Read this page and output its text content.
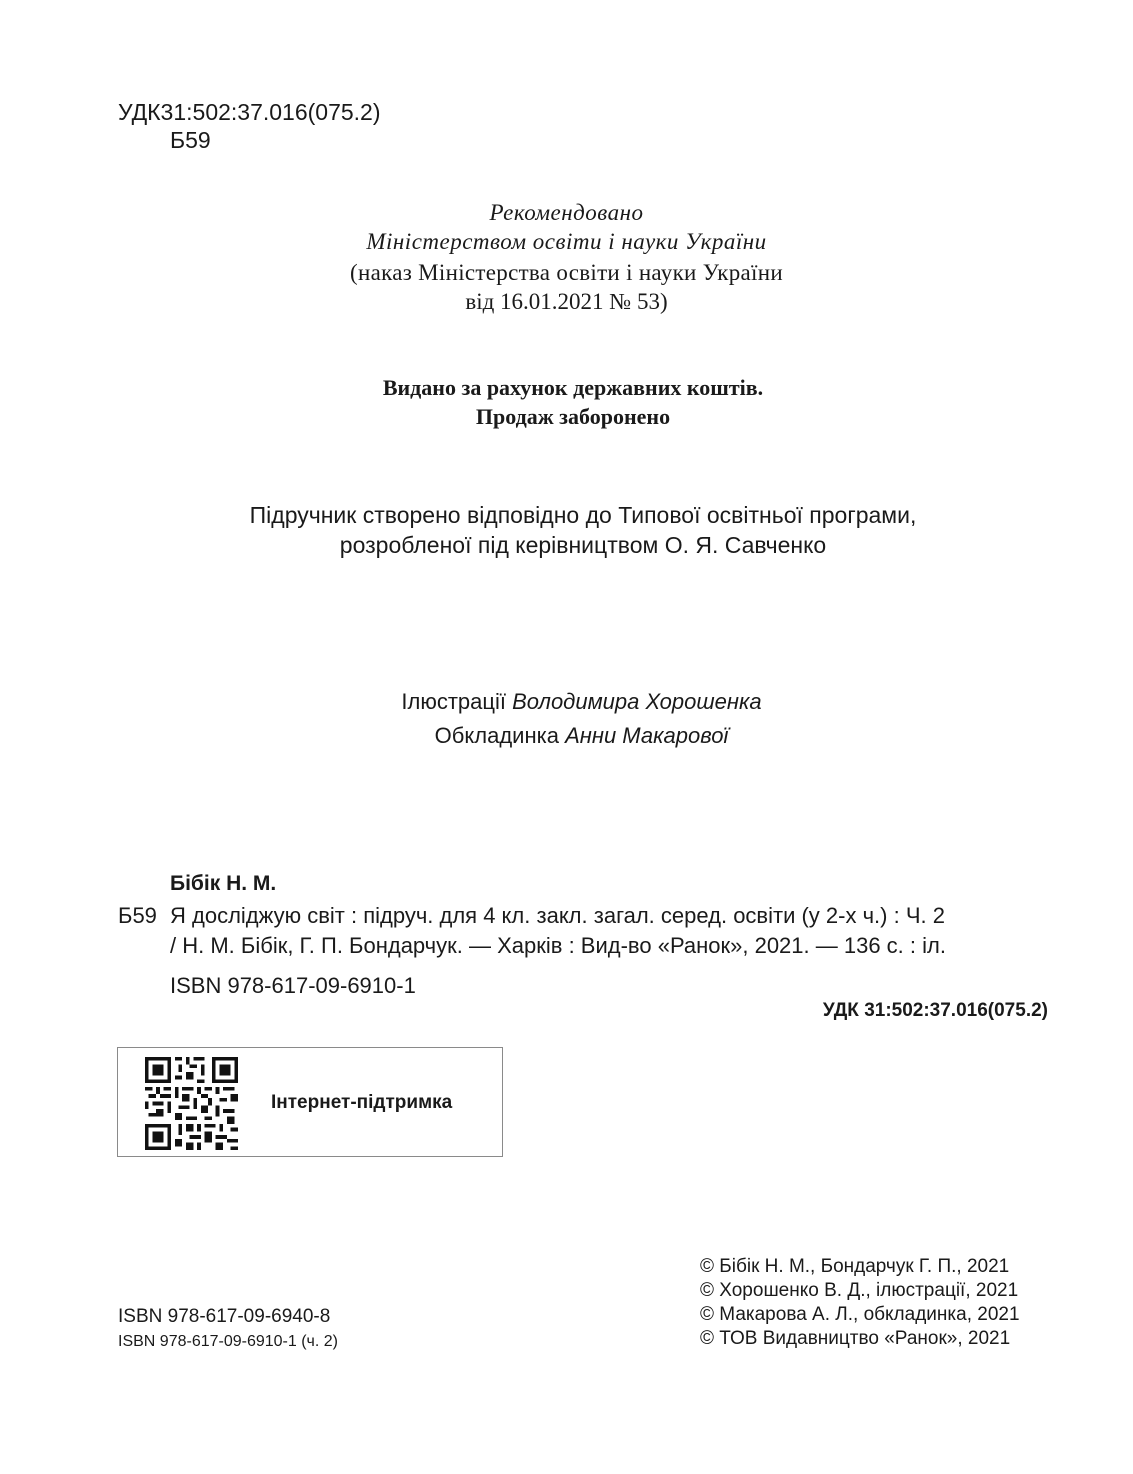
УДК31:502:37.016(075.2)
Б59
Рекомендовано
Міністерством освіти і науки України
(наказ Міністерства освіти і науки України
від 16.01.2021 № 53)
Видано за рахунок державних коштів.
Продаж заборонено
Підручник створено відповідно до Типової освітньої програми,
розробленої під керівництвом О. Я. Савченко
Ілюстрації Володимира Хорошенка
Обкладинка Анни Макарової
Бібік Н. М.
Б59 Я досліджую світ : підруч. для 4 кл. закл. загал. серед. освіти (у 2-х ч.) : Ч. 2
/ Н. М. Бібік, Г. П. Бондарчук. — Харків : Вид-во «Ранок», 2021. — 136 с. : іл.
ISBN 978-617-09-6910-1
УДК 31:502:37.016(075.2)
Інтернет-підтримка
ISBN 978-617-09-6940-8
ISBN 978-617-09-6910-1 (ч. 2)
© Бібік Н. М., Бондарчук Г. П., 2021
© Хорошенко В. Д., ілюстрації, 2021
© Макарова А. Л., обкладинка, 2021
© ТОВ Видавництво «Ранок», 2021
